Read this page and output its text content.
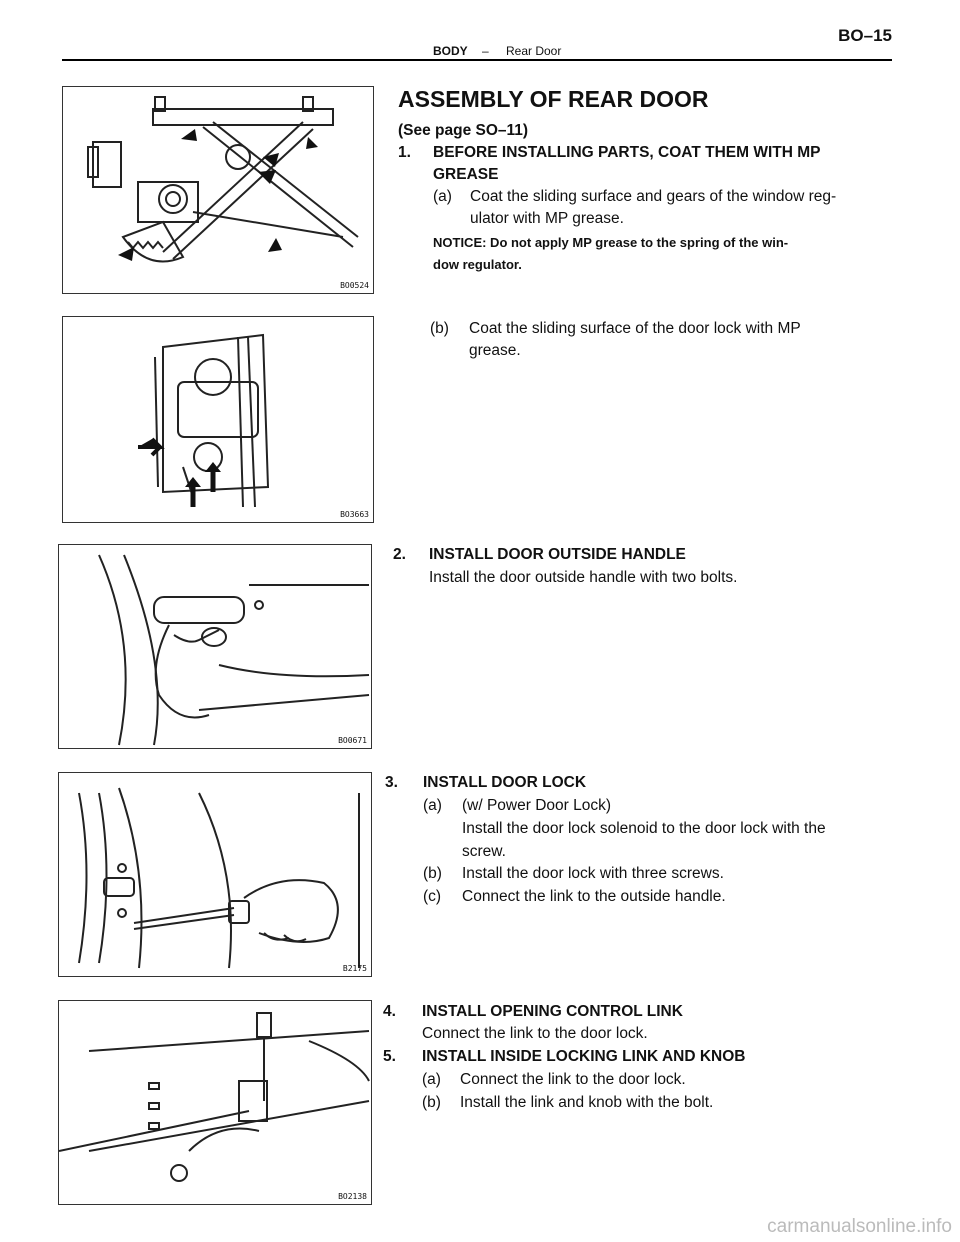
BODY – Rear Door
BO–15
BO0524
BO3663
BO0671
B2175
BO2138
ASSEMBLY OF REAR DOOR
(See page SO–11)
1. BEFORE INSTALLING PARTS, COAT THEM WITH MP
GREASE
(a) Coat the sliding surface and gears of the window reg-
ulator with MP grease.
NOTICE: Do not apply MP grease to the spring of the win-
dow regulator.
(b) Coat the sliding surface of the door lock with MP
grease.
2. INSTALL DOOR OUTSIDE HANDLE
Install the door outside handle with two bolts.
3. INSTALL DOOR LOCK
(a) (w/ Power Door Lock)
Install the door lock solenoid to the door lock with the
screw.
(b) Install the door lock with three screws.
(c) Connect the link to the outside handle.
4. INSTALL OPENING CONTROL LINK
Connect the link to the door lock.
5. INSTALL INSIDE LOCKING LINK AND KNOB
(a) Connect the link to the door lock.
(b) Install the link and knob with the bolt.
carmanualsonline.info
